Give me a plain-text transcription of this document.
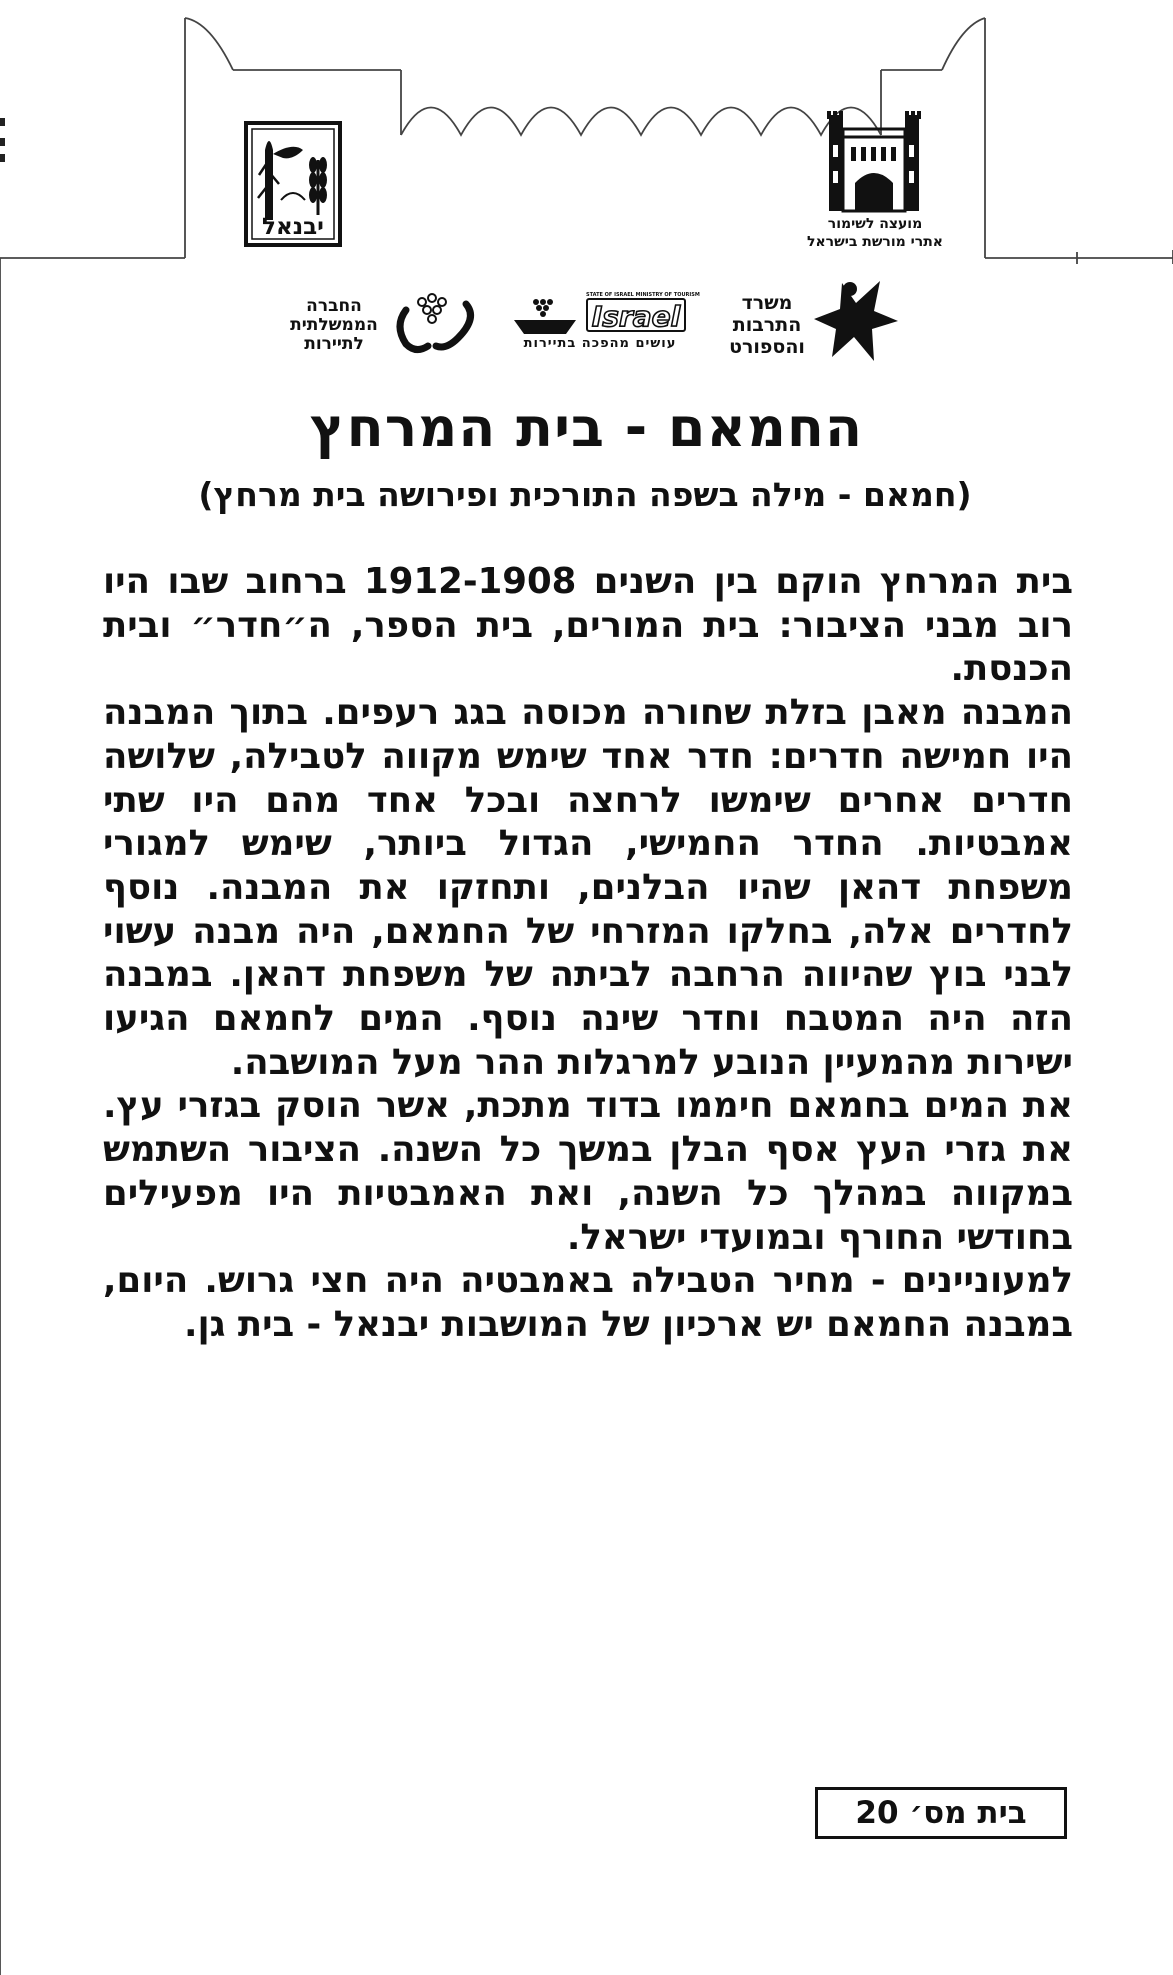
יבנאל	מועצה לשימור
אתרי מורשת בישראל
משרד
התרבות
והספורט
STATE OF ISRAEL MINISTRY OF TOURISM
Israel
עושים מהפכה בתיירות
החברה
הממשלתית
לתיירות
החמאם - בית המרחץ
(חמאם - מילה בשפה התורכית ופירושה בית מרחץ)

בית המרחץ הוקם בין השנים 1912-1908 ברחוב שבו היו רוב מבני הציבור: בית המורים, בית הספר, ה״חדר״ ובית הכנסת.

המבנה מאבן בזלת שחורה מכוסה בגג רעפים. בתוך המבנה היו חמישה חדרים: חדר אחד שימש מקווה לטבילה, שלושה חדרים אחרים שימשו לרחצה ובכל אחד מהם היו שתי אמבטיות. החדר החמישי, הגדול ביותר, שימש למגורי משפחת דהאן שהיו הבלנים, ותחזקו את המבנה. נוסף לחדרים אלה, בחלקו המזרחי של החמאם, היה מבנה עשוי לבני בוץ שהיווה הרחבה לביתה של משפחת דהאן. במבנה הזה היה המטבח וחדר שינה נוסף. המים לחמאם הגיעו ישירות מהמעיין הנובע למרגלות ההר מעל המושבה.

את המים בחמאם חיממו בדוד מתכת, אשר הוסק בגזרי עץ. את גזרי העץ אסף הבלן במשך כל השנה. הציבור השתמש במקווה במהלך כל השנה, ואת האמבטיות היו מפעילים בחודשי החורף ובמועדי ישראל.

למעוניינים - מחיר הטבילה באמבטיה היה חצי גרוש. היום, במבנה החמאם יש ארכיון של המושבות יבנאל - בית גן.

בית מס׳ 20
